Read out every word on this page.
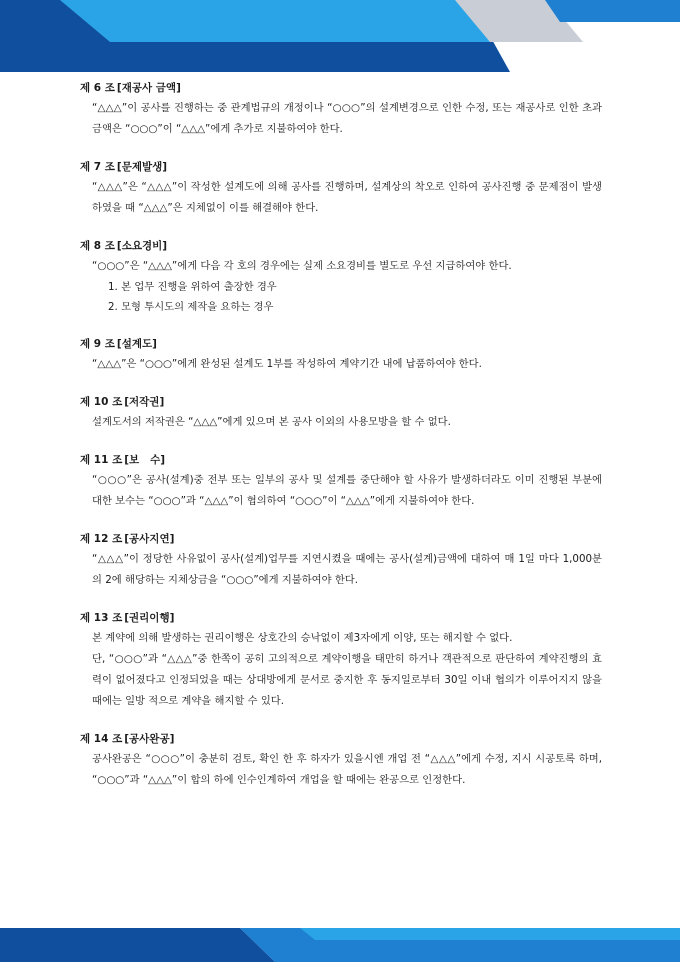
제 6 조 [재공사 금액]

“△△△”이 공사를 진행하는 중 관계법규의 개정이나 “○○○”의 설계변경으로 인한 수정, 또는 재공사로 인한 초과금액은 “○○○”이 “△△△”에게 추가로 지불하여야 한다.

제 7 조 [문제발생]

“△△△”은 “△△△”이 작성한 설계도에 의해 공사를 진행하며, 설계상의 착오로 인하여 공사진행 중 문제점이 발생하였을 때 “△△△”은 지체없이 이를 해결해야 한다.

제 8 조 [소요경비]

“○○○”은 “△△△”에게 다음 각 호의 경우에는 실제 소요경비를 별도로 우선 지급하여야 한다.

1. 본 업무 진행을 위하여 출장한 경우
2. 모형 투시도의 제작을 요하는 경우
제 9 조 [설계도]

“△△△”은 “○○○”에게 완성된 설계도 1부를 작성하여 계약기간 내에 납품하여야 한다.

제 10 조 [저작권]

설계도서의 저작권은 “△△△”에게 있으며 본 공사 이외의 사용모방을 할 수 없다.

제 11 조 [보   수]

“○○○”은 공사(설계)중 전부 또는 일부의 공사 및 설계를 중단해야 할 사유가 발생하더라도 이미 진행된 부분에 대한 보수는 “○○○”과 “△△△”이 협의하여 “○○○”이 “△△△”에게 지불하여야 한다.

제 12 조 [공사지연]

“△△△”이 정당한 사유없이 공사(설계)업무를 지연시켰을 때에는 공사(설계)금액에 대하여 매 1일 마다 1,000분의 2에 해당하는 지체상금을 “○○○”에게 지불하여야 한다.

제 13 조 [권리이행]

본 계약에 의해 발생하는 권리이행은 상호간의 승낙없이 제3자에게 이양, 또는 해지할 수 없다.

단, “○○○”과 “△△△”중 한쪽이 공히 고의적으로 계약이행을 태만히 하거나 객관적으로 판단하여 계약진행의 효력이 없어졌다고 인정되었을 때는 상대방에게 문서로 중지한 후 동지일로부터 30일 이내 협의가 이루어지지 않을 때에는 일방 적으로 계약을 해지할 수 있다.

제 14 조 [공사완공]

공사완공은 “○○○”이 충분히 검토, 확인 한 후 하자가 있을시엔 개업 전 “△△△”에게 수정, 지시 시공토록 하며, “○○○”과 “△△△”이 합의 하에 인수인계하여 개업을 할 때에는 완공으로 인정한다.
